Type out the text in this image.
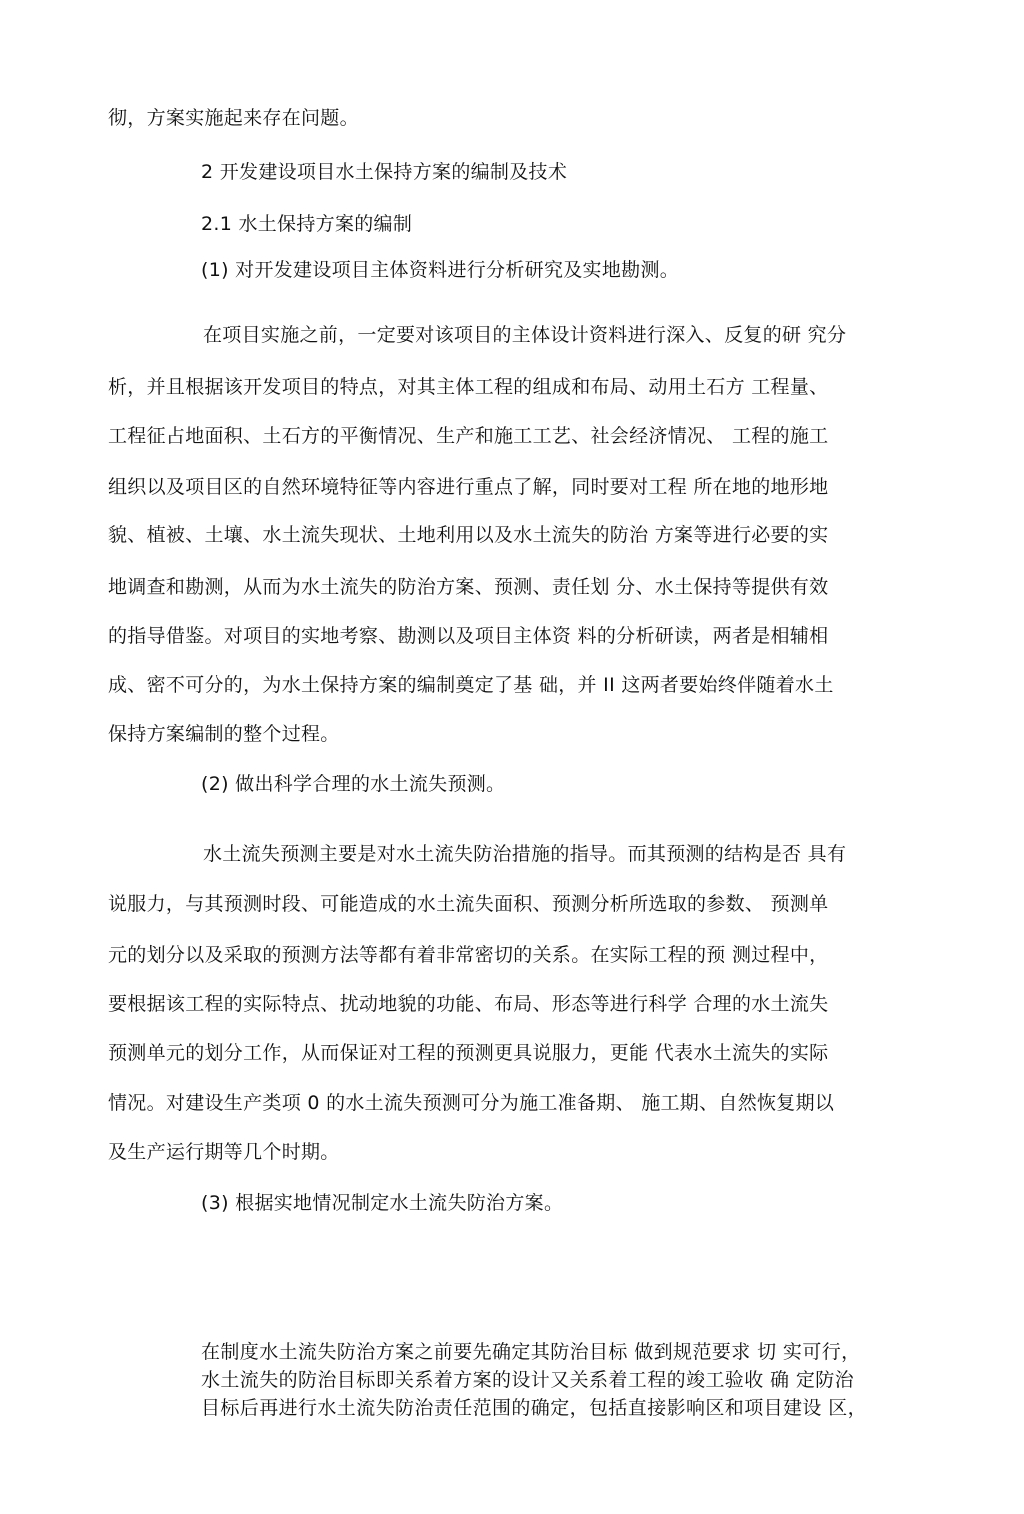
彻，方案实施起来存在问题。
2 开发建设项目水土保持方案的编制及技术
2.1 水土保持方案的编制
(1) 对开发建设项目主体资料进行分析研究及实地勘测。
在项目实施之前，一定要对该项目的主体设计资料进行深入、反复的研 究分
析，并且根据该开发项目的特点，对其主体工程的组成和布局、动用土石方 工程量、
工程征占地面积、土石方的平衡情况、生产和施工工艺、社会经济情况、 工程的施工
组织以及项目区的自然环境特征等内容进行重点了解，同时要对工程 所在地的地形地
貌、植被、土壤、水土流失现状、土地利用以及水土流失的防治 方案等进行必要的实
地调查和勘测，从而为水土流失的防治方案、预测、责任划 分、水土保持等提供有效
的指导借鉴。对项目的实地考察、勘测以及项目主体资 料的分析研读，两者是相辅相
成、密不可分的，为水土保持方案的编制奠定了基 础，并 II 这两者要始终伴随着水土
保持方案编制的整个过程。
(2) 做出科学合理的水土流失预测。
水土流失预测主要是对水土流失防治措施的指导。而其预测的结构是否 具有
说服力，与其预测时段、可能造成的水土流失面积、预测分析所选取的参数、 预测单
元的划分以及采取的预测方法等都有着非常密切的关系。在实际工程的预 测过程中，
要根据该工程的实际特点、扰动地貌的功能、布局、形态等进行科学 合理的水土流失
预测单元的划分工作，从而保证对工程的预测更具说服力，更能 代表水土流失的实际
情况。对建设生产类项 0 的水土流失预测可分为施工准备期、 施工期、自然恢复期以
及生产运行期等几个时期。
(3) 根据实地情况制定水土流失防治方案。
在制度水土流失防治方案之前要先确定其防治目标 做到规范要求 切 实可行，
水土流失的防治目标即关系着方案的设计又关系着工程的竣工验收 确 定防治
目标后再进行水土流失防治责任范围的确定，包括直接影响区和项目建设 区，
